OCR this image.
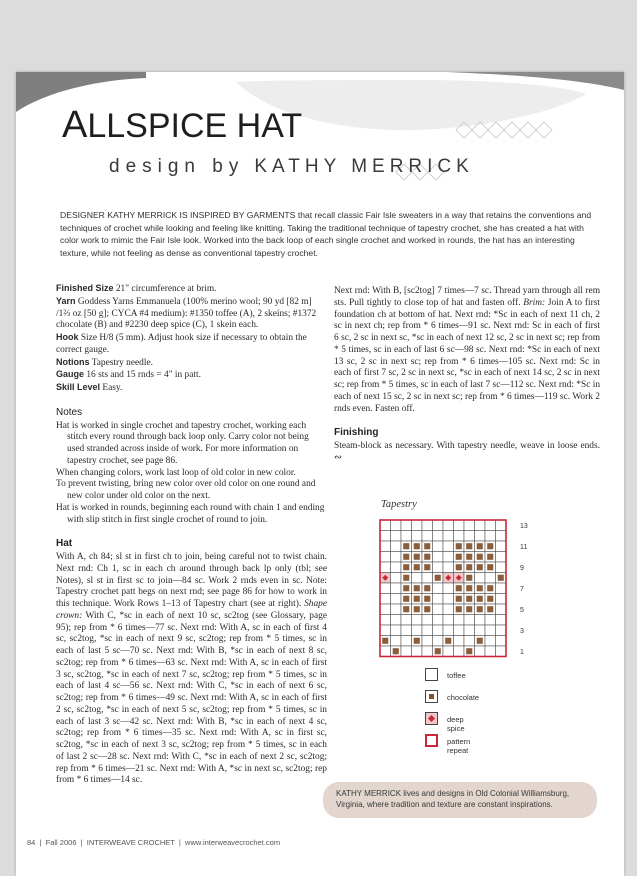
ALLSPICE HAT
design by KATHY MERRICK
DESIGNER KATHY MERRICK IS INSPIRED BY GARMENTS that recall classic Fair Isle sweaters in a way that retains the conventions and techniques of crochet while looking and feeling like knitting. Taking the traditional technique of tapestry crochet, she has created a hat with color work to mimic the Fair Isle look. Worked into the back loop of each single crochet and worked in rounds, the hat has an interesting texture, while not feeling as dense as conventional tapestry crochet.

Finished Size 21" circumference at brim.

Yarn Goddess Yarns Emmanuela (100% merino wool; 90 yd [82 m] /1⅔ oz [50 g]; CYCA #4 medium): #1350 toffee (A), 2 skeins; #1372 chocolate (B) and #2230 deep spice (C), 1 skein each.

Hook Size H/8 (5 mm). Adjust hook size if necessary to obtain the correct gauge.

Notions Tapestry needle.

Gauge 16 sts and 15 rnds = 4" in patt.

Skill Level Easy.

Notes

Hat is worked in single crochet and tapestry crochet, working each stitch every round through back loop only. Carry color not being used stranded across inside of work. For more information on tapestry crochet, see page 86.

When changing colors, work last loop of old color in new color.

To prevent twisting, bring new color over old color on one round and new color under old color on the next.

Hat is worked in rounds, beginning each round with chain 1 and ending with slip stitch in first single crochet of round to join.

Hat

With A, ch 84; sl st in first ch to join, being careful not to twist chain. Next rnd: Ch 1, sc in each ch around through back lp only (tbl; see Notes), sl st in first sc to join—84 sc. Work 2 rnds even in sc. Note: Tapestry crochet patt begs on next rnd; see page 86 for how to work in this technique. Work Rows 1–13 of Tapestry chart (see at right). Shape crown: With C, *sc in each of next 10 sc, sc2tog (see Glossary, page 95); rep from * 6 times—77 sc. Next rnd: With A, sc in each of first 4 sc, sc2tog, *sc in each of next 9 sc, sc2tog; rep from * 5 times, sc in each of last 5 sc—70 sc. Next rnd: With B, *sc in each of next 8 sc, sc2tog; rep from * 6 times—63 sc. Next rnd: With A, sc in each of first 3 sc, sc2tog, *sc in each of next 7 sc, sc2tog; rep from * 5 times, sc in each of last 4 sc—56 sc. Next rnd: With C, *sc in each of next 6 sc, sc2tog; rep from * 6 times—49 sc. Next rnd: With A, sc in each of first 2 sc, sc2tog, *sc in each of next 5 sc, sc2tog; rep from * 5 times, sc in each of last 3 sc—42 sc. Next rnd: With B, *sc in each of next 4 sc, sc2tog; rep from * 6 times—35 sc. Next rnd: With A, sc in first sc, sc2tog, *sc in each of next 3 sc, sc2tog; rep from * 5 times, sc in each of last 2 sc—28 sc. Next rnd: With C, *sc in each of next 2 sc, sc2tog; rep from * 6 times—21 sc. Next rnd: With A, *sc in next sc, sc2tog; rep from * 6 times—14 sc.

Next rnd: With B, [sc2tog] 7 times—7 sc. Thread yarn through all rem sts. Pull tightly to close top of hat and fasten off. Brim: Join A to first foundation ch at bottom of hat. Next rnd: *Sc in each of next 11 ch, 2 sc in next ch; rep from * 6 times—91 sc. Next rnd: Sc in each of first 6 sc, 2 sc in next sc, *sc in each of next 12 sc, 2 sc in next sc; rep from * 5 times, sc in each of last 6 sc—98 sc. Next rnd: *Sc in each of next 13 sc, 2 sc in next sc; rep from * 6 times—105 sc. Next rnd: Sc in each of first 7 sc, 2 sc in next sc, *sc in each of next 14 sc, 2 sc in next sc; rep from * 5 times, sc in each of last 7 sc—112 sc. Next rnd: *Sc in each of next 15 sc, 2 sc in next sc; rep from * 6 times—119 sc. Work 2 rnds even. Fasten off.

Finishing

Steam-block as necessary. With tapestry needle, weave in loose ends. ∾

Tapestry
1
3
5
7
9
11
13
toffee
chocolate
deep spice
pattern repeat
KATHY MERRICK lives and designs in Old Colonial Williamsburg, Virginia, where tradition and texture are constant inspirations.
84  |  Fall 2006  |  INTERWEAVE CROCHET  |  www.interweavecrochet.com
